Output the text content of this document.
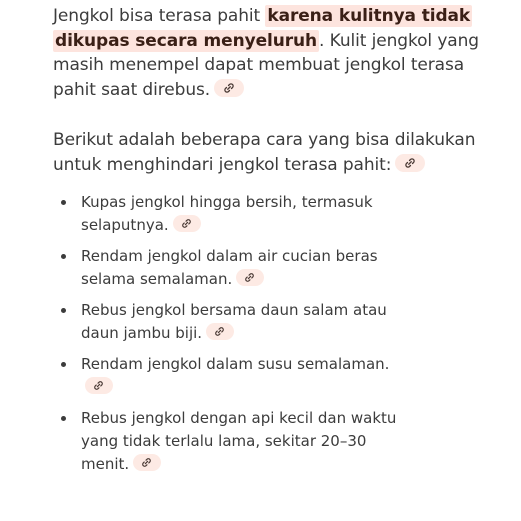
Jengkol bisa terasa pahit karena kulitnya tidak dikupas secara menyeluruh . Kulit jengkol yang masih menempel dapat membuat jengkol terasa pahit saat direbus.

Berikut adalah beberapa cara yang bisa dilakukan untuk menghindari jengkol terasa pahit:

Kupas jengkol hingga bersih, termasuk selaputnya.
Rendam jengkol dalam air cucian beras selama semalaman.
Rebus jengkol bersama daun salam atau daun jambu biji.
Rendam jengkol dalam susu semalaman.
Rebus jengkol dengan api kecil dan waktu yang tidak terlalu lama, sekitar 20–30 menit.
